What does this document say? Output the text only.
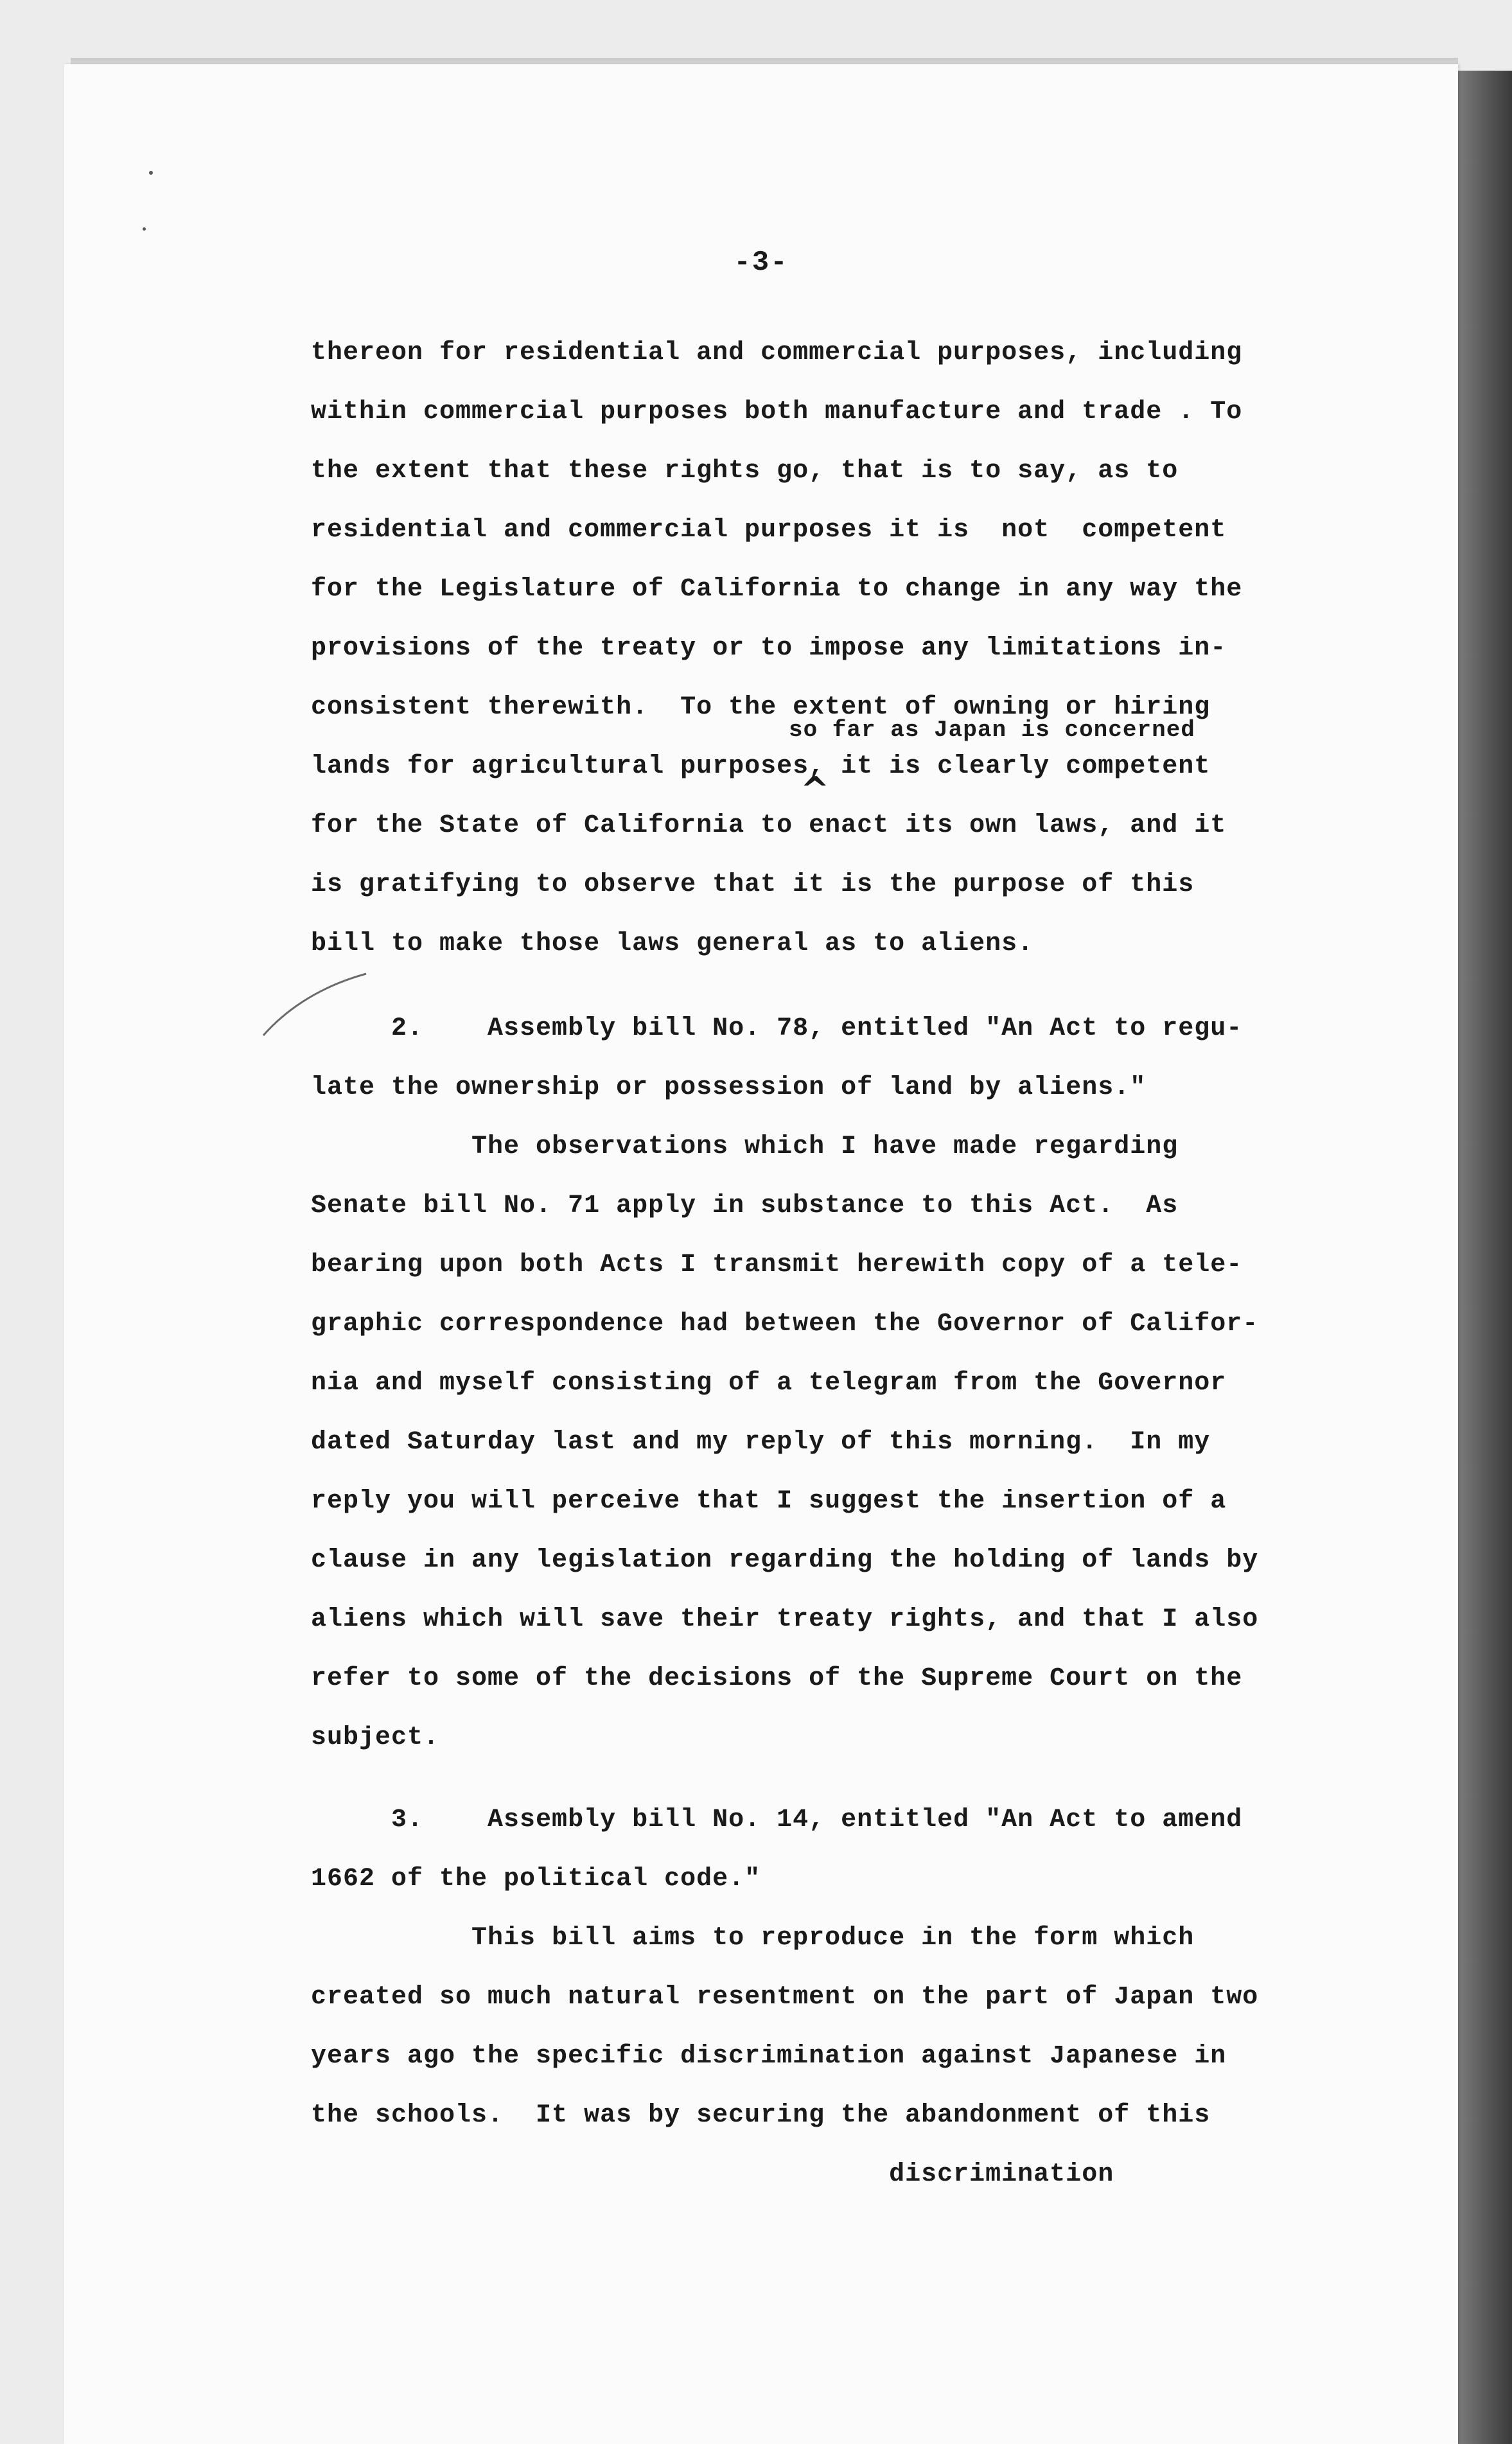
-3-
thereon for residential and commercial purposes, including
within commercial purposes both manufacture and trade . To
the extent that these rights go, that is to say, as to
residential and commercial purposes it is  not  competent
for the Legislature of California to change in any way the
provisions of the treaty or to impose any limitations in-
consistent therewith.  To the extent of owning or hiring
so far as Japan is concerned
^
lands for agricultural purposes, it is clearly competent
for the State of California to enact its own laws, and it
is gratifying to observe that it is the purpose of this
bill to make those laws general as to aliens.
2.    Assembly bill No. 78, entitled "An Act to regu-
late the ownership or possession of land by aliens."
The observations which I have made regarding
Senate bill No. 71 apply in substance to this Act.  As
bearing upon both Acts I transmit herewith copy of a tele-
graphic correspondence had between the Governor of Califor-
nia and myself consisting of a telegram from the Governor
dated Saturday last and my reply of this morning.  In my
reply you will perceive that I suggest the insertion of a
clause in any legislation regarding the holding of lands by
aliens which will save their treaty rights, and that I also
refer to some of the decisions of the Supreme Court on the
subject.
3.    Assembly bill No. 14, entitled "An Act to amend
1662 of the political code."
This bill aims to reproduce in the form which
created so much natural resentment on the part of Japan two
years ago the specific discrimination against Japanese in
the schools.  It was by securing the abandonment of this
discrimination
